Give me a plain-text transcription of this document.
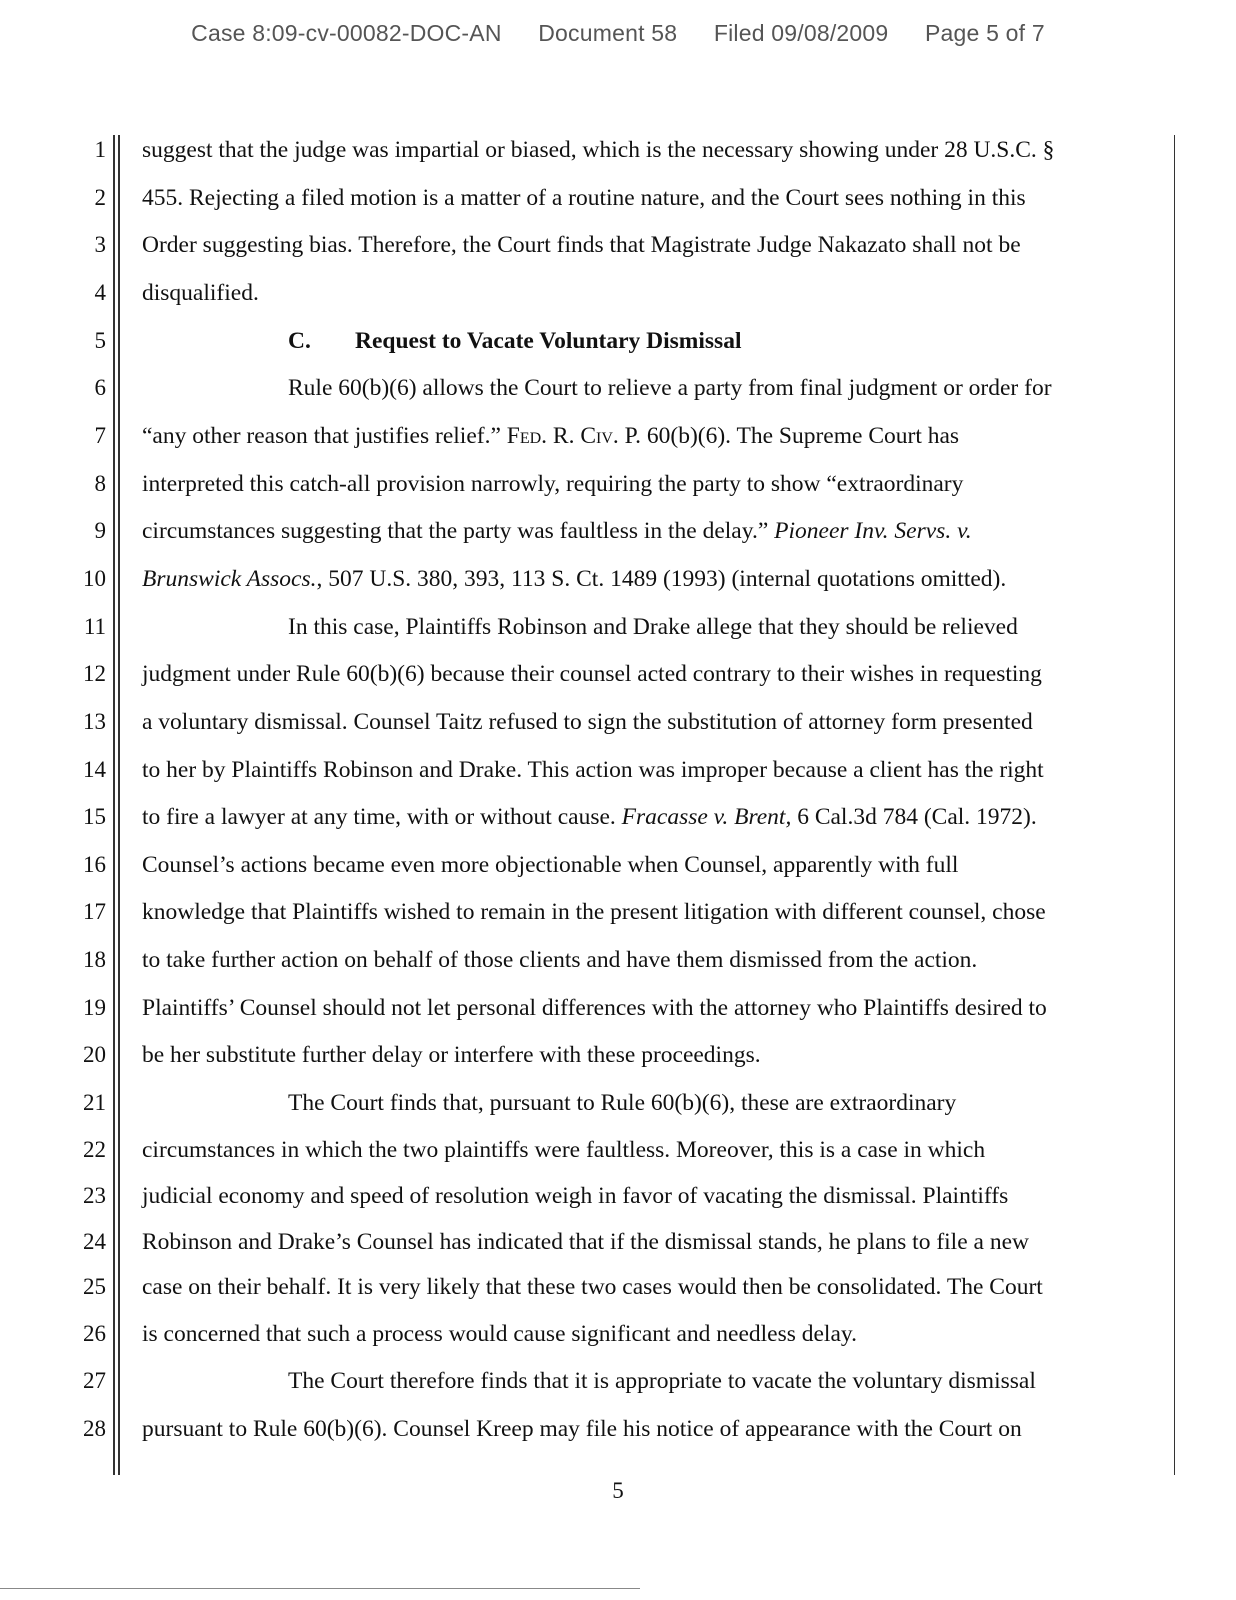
Case 8:09-cv-00082-DOC-AN Document 58 Filed 09/08/2009 Page 5 of 7
1
2
3
4
5
6
7
8
9
10
11
12
13
14
15
16
17
18
19
20
21
22
23
24
25
26
27
28
suggest that the judge was impartial or biased, which is the necessary showing under 28 U.S.C. §
455. Rejecting a filed motion is a matter of a routine nature, and the Court sees nothing in this
Order suggesting bias. Therefore, the Court finds that Magistrate Judge Nakazato shall not be
disqualified.
C. Request to Vacate Voluntary Dismissal
Rule 60(b)(6) allows the Court to relieve a party from final judgment or order for
“any other reason that justifies relief.” Fed. R. Civ. P. 60(b)(6). The Supreme Court has
interpreted this catch-all provision narrowly, requiring the party to show “extraordinary
circumstances suggesting that the party was faultless in the delay.” Pioneer Inv. Servs. v.
Brunswick Assocs., 507 U.S. 380, 393, 113 S. Ct. 1489 (1993) (internal quotations omitted).
In this case, Plaintiffs Robinson and Drake allege that they should be relieved
judgment under Rule 60(b)(6) because their counsel acted contrary to their wishes in requesting
a voluntary dismissal. Counsel Taitz refused to sign the substitution of attorney form presented
to her by Plaintiffs Robinson and Drake. This action was improper because a client has the right
to fire a lawyer at any time, with or without cause. Fracasse v. Brent, 6 Cal.3d 784 (Cal. 1972).
Counsel’s actions became even more objectionable when Counsel, apparently with full
knowledge that Plaintiffs wished to remain in the present litigation with different counsel, chose
to take further action on behalf of those clients and have them dismissed from the action.
Plaintiffs’ Counsel should not let personal differences with the attorney who Plaintiffs desired to
be her substitute further delay or interfere with these proceedings.
The Court finds that, pursuant to Rule 60(b)(6), these are extraordinary
circumstances in which the two plaintiffs were faultless. Moreover, this is a case in which
judicial economy and speed of resolution weigh in favor of vacating the dismissal. Plaintiffs
Robinson and Drake’s Counsel has indicated that if the dismissal stands, he plans to file a new
case on their behalf. It is very likely that these two cases would then be consolidated. The Court
is concerned that such a process would cause significant and needless delay.
The Court therefore finds that it is appropriate to vacate the voluntary dismissal
pursuant to Rule 60(b)(6). Counsel Kreep may file his notice of appearance with the Court on
5
